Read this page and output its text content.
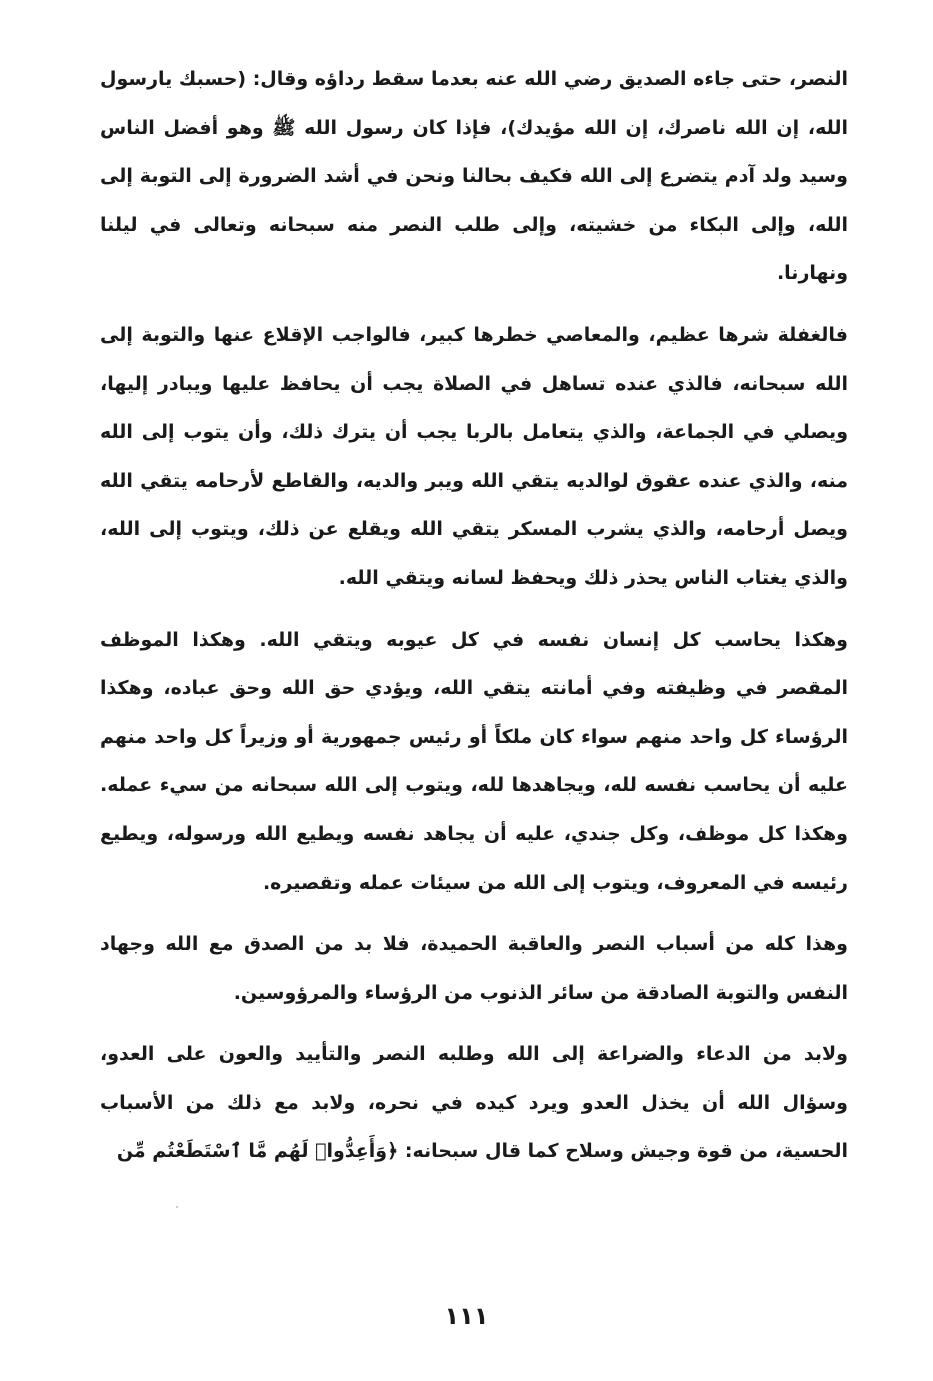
النصر، حتى جاءه الصديق رضي الله عنه بعدما سقط رداؤه وقال: (حسبك يارسول الله، إن الله ناصرك، إن الله مؤيدك)، فإذا كان رسول الله ﷺ وهو أفضل الناس وسيد ولد آدم يتضرع إلى الله فكيف بحالنا ونحن في أشد الضرورة إلى التوبة إلى الله، وإلى البكاء من خشيته، وإلى طلب النصر منه سبحانه وتعالى في ليلنا ونهارنا.

فالغفلة شرها عظيم، والمعاصي خطرها كبير، فالواجب الإقلاع عنها والتوبة إلى الله سبحانه، فالذي عنده تساهل في الصلاة يجب أن يحافظ عليها ويبادر إليها، ويصلي في الجماعة، والذي يتعامل بالربا يجب أن يترك ذلك، وأن يتوب إلى الله منه، والذي عنده عقوق لوالديه يتقي الله ويبر والديه، والقاطع لأرحامه يتقي الله ويصل أرحامه، والذي يشرب المسكر يتقي الله ويقلع عن ذلك، ويتوب إلى الله، والذي يغتاب الناس يحذر ذلك ويحفظ لسانه ويتقي الله.

وهكذا يحاسب كل إنسان نفسه في كل عيوبه ويتقي الله. وهكذا الموظف المقصر في وظيفته وفي أمانته يتقي الله، ويؤدي حق الله وحق عباده، وهكذا الرؤساء كل واحد منهم سواء كان ملكاً أو رئيس جمهورية أو وزيراً كل واحد منهم عليه أن يحاسب نفسه لله، ويجاهدها لله، ويتوب إلى الله سبحانه من سيء عمله. وهكذا كل موظف، وكل جندي، عليه أن يجاهد نفسه ويطيع الله ورسوله، ويطيع رئيسه في المعروف، ويتوب إلى الله من سيئات عمله وتقصيره.

وهذا كله من أسباب النصر والعاقبة الحميدة، فلا بد من الصدق مع الله وجهاد النفس والتوبة الصادقة من سائر الذنوب من الرؤساء والمرؤوسين.

ولابد من الدعاء والضراعة إلى الله وطلبه النصر والتأييد والعون على العدو، وسؤال الله أن يخذل العدو ويرد كيده في نحره، ولابد مع ذلك من الأسباب الحسية، من قوة وجيش وسلاح كما قال سبحانه: ﴿وَأَعِدُّوا۟ لَهُم مَّا ٱسْتَطَعْتُم مِّن

١١١
